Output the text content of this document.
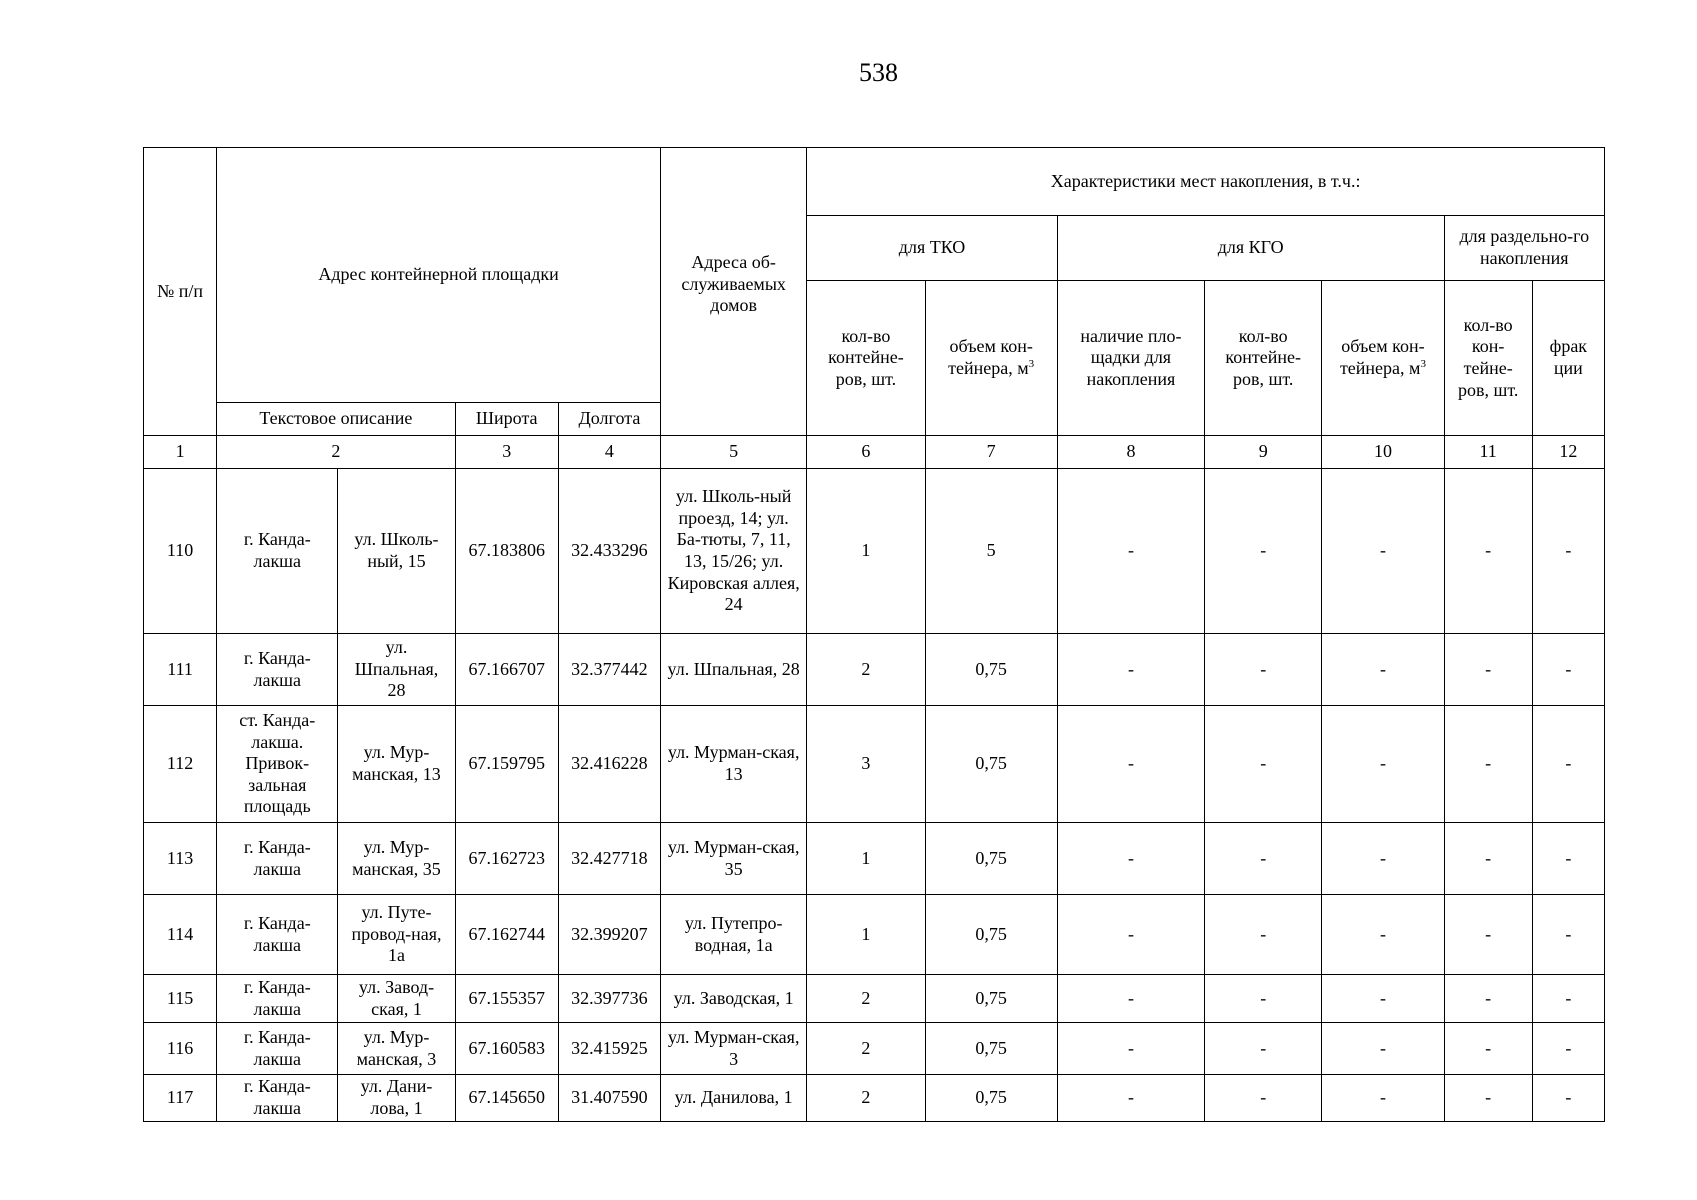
538
№ п/п	Адрес контейнерной площадки				Адреса об-служиваемых домов	Характеристики мест накопления, в т.ч.:						
						для ТКО		для КГО			для раздельно-го накопления	
						кол-во контейне-ров, шт.	объем кон-тейнера, $м^3$	наличие пло-щадки для накопления	кол-во контейне-ров, шт.	объем кон-тейнера, $м^3$	кол-во кон-тейне-ров, шт.	фрак ции
	Текстовое описание		Широта	Долгота								
1	2		3	4	5	6	7	8	9	10	11	12
110	г. Канда-лакша	ул. Школь-ный, 15	67.183806	32.433296	ул. Школь-ный проезд, 14; ул. Ба-тюты, 7, 11, 13, 15/26; ул. Кировская аллея, 24	1	5	-	-	-	-	-
111	г. Канда-лакша	ул. Шпальная, 28	67.166707	32.377442	ул. Шпальная, 28	2	0,75	-	-	-	-	-
112	ст. Канда-лакша. Привок-зальная площадь	ул. Мур-манская, 13	67.159795	32.416228	ул. Мурман-ская, 13	3	0,75	-	-	-	-	-
113	г. Канда-лакша	ул. Мур-манская, 35	67.162723	32.427718	ул. Мурман-ская, 35	1	0,75	-	-	-	-	-
114	г. Канда-лакша	ул. Путе-провод-ная, 1а	67.162744	32.399207	ул. Путепро-водная, 1а	1	0,75	-	-	-	-	-
115	г. Канда-лакша	ул. Завод-ская, 1	67.155357	32.397736	ул. Заводская, 1	2	0,75	-	-	-	-	-
116	г. Канда-лакша	ул. Мур-манская, 3	67.160583	32.415925	ул. Мурман-ская, 3	2	0,75	-	-	-	-	-
117	г. Канда-лакша	ул. Дани-лова, 1	67.145650	31.407590	ул. Данилова, 1	2	0,75	-	-	-	-	-
